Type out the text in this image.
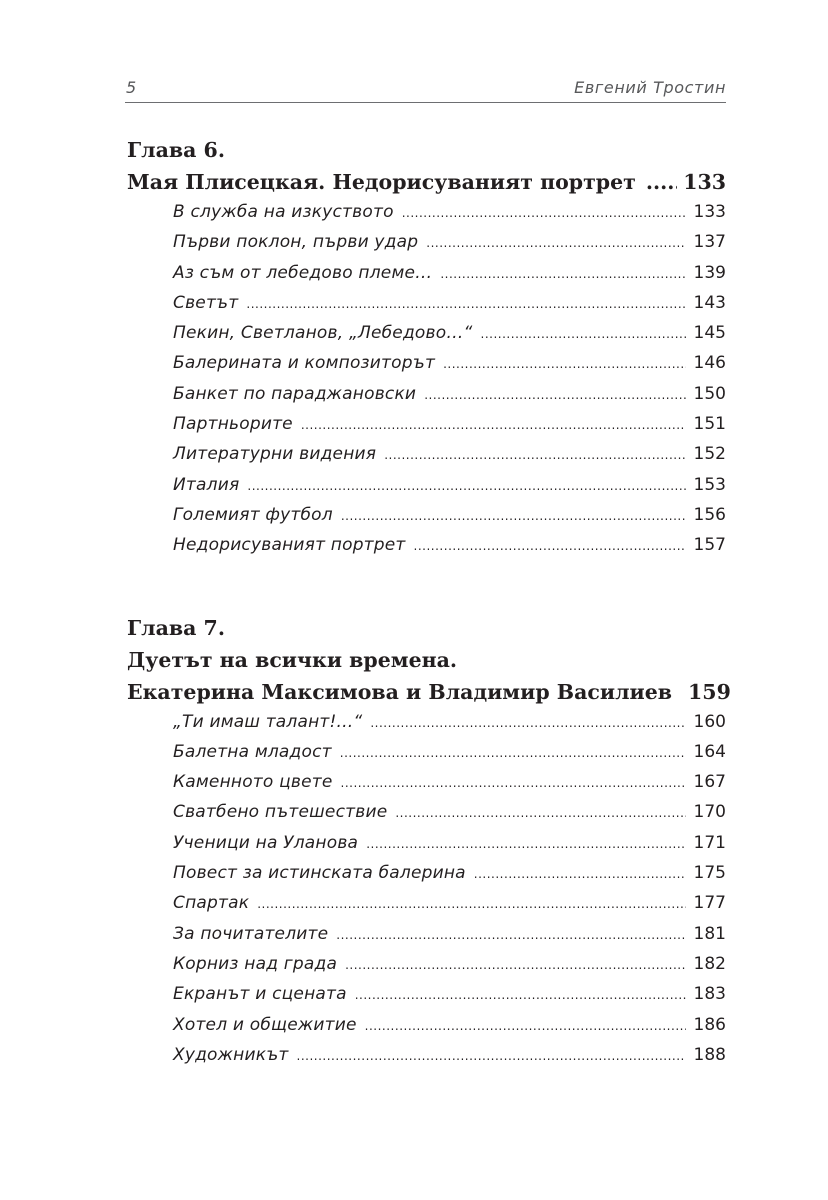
5	Евгений Тростин
Глава 6.
Мая Плисецкая. Недорисуваният портрет ..... 133
В служба на изкуството .....	133
Първи поклон, първи удар .....	137
Аз съм от лебедово племе… .....	139
Светът .....	143
Пекин, Светланов, „Лебедово…“ .....	145
Балерината и композиторът .....	146
Банкет по параджановски .....	150
Партньорите .....	151
Литературни видения .....	152
Италия .....	153
Големият футбол .....	156
Недорисуваният портрет .....	157
Глава 7.
Дуетът на всички времена.
Екатерина Максимова и Владимир Василиев 159
„Ти имаш талант!...“ .....	160
Балетна младост .....	164
Каменното цвете .....	167
Сватбено пътешествие .....	170
Ученици на Уланова .....	171
Повест за истинската балерина .....	175
Спартак .....	177
За почитателите .....	181
Корниз над града .....	182
Екранът и сцената .....	183
Хотел и общежитие .....	186
Художникът .....	188
